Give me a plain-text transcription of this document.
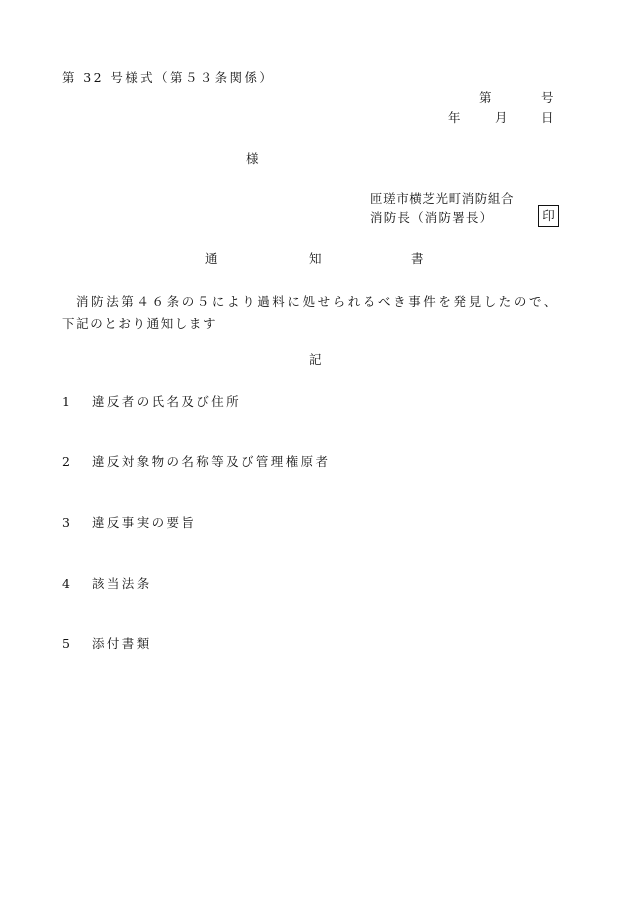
第 32 号様式（第５３条関係）
第	号
年	月 日
様
匝瑳市横芝光町消防組合
消防長（消防署長）	印
通	知	書
消防法第４６条の５により過料に処せられるべき事件を発見したので、
下記のとおり通知します
記
1 違反者の氏名及び住所
2 違反対象物の名称等及び管理権原者
3 違反事実の要旨
4 該当法条
5 添付書類
